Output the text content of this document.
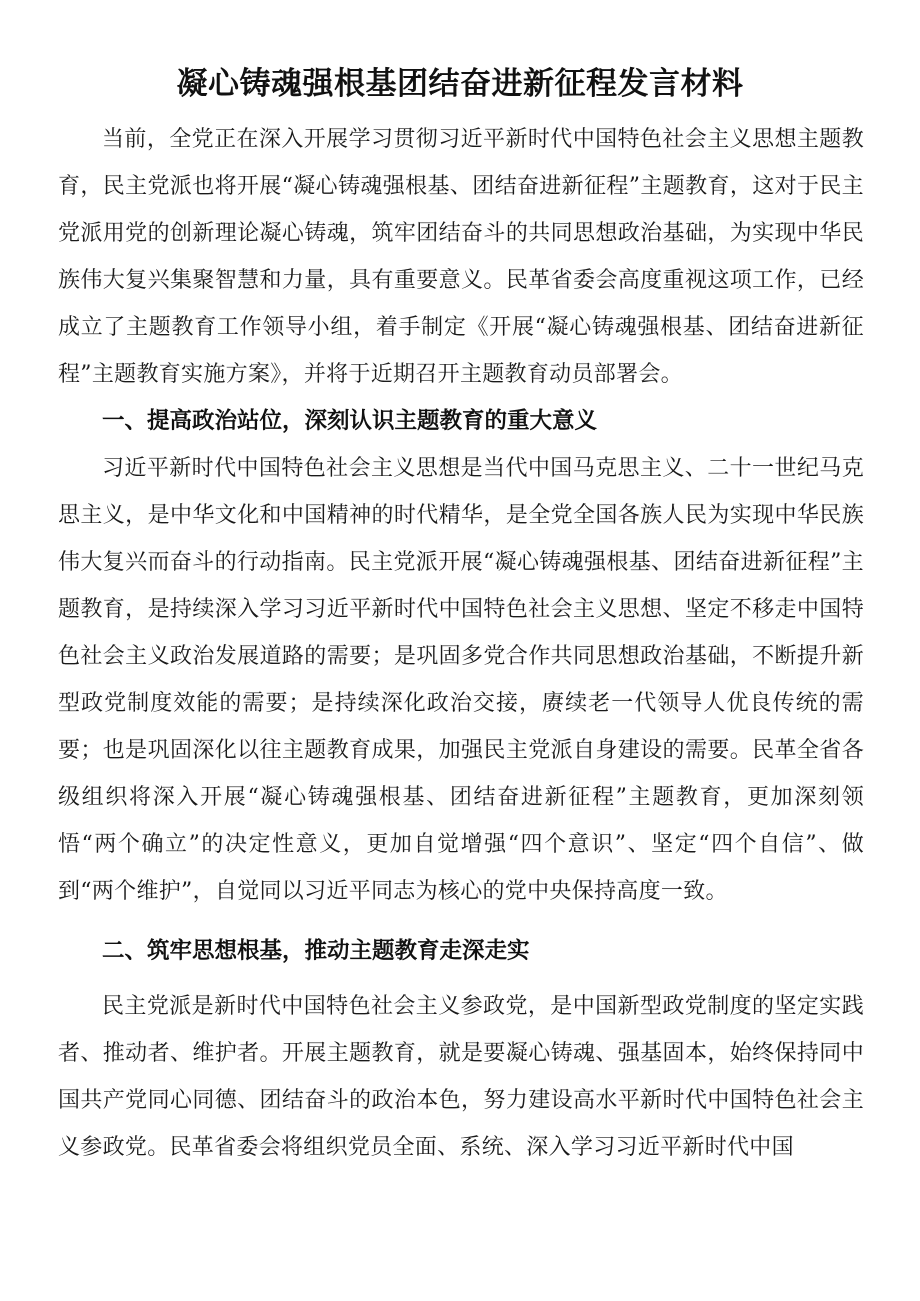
凝心铸魂强根基团结奋进新征程发言材料

当前，全党正在深入开展学习贯彻习近平新时代中国特色社会主义思想主题教育，民主党派也将开展“凝心铸魂强根基、团结奋进新征程”主题教育，这对于民主党派用党的创新理论凝心铸魂，筑牢团结奋斗的共同思想政治基础，为实现中华民族伟大复兴集聚智慧和力量，具有重要意义。民革省委会高度重视这项工作，已经成立了主题教育工作领导小组，着手制定《开展“凝心铸魂强根基、团结奋进新征程”主题教育实施方案》，并将于近期召开主题教育动员部署会。

一、提高政治站位，深刻认识主题教育的重大意义

习近平新时代中国特色社会主义思想是当代中国马克思主义、二十一世纪马克思主义，是中华文化和中国精神的时代精华，是全党全国各族人民为实现中华民族伟大复兴而奋斗的行动指南。民主党派开展“凝心铸魂强根基、团结奋进新征程”主题教育，是持续深入学习习近平新时代中国特色社会主义思想、坚定不移走中国特色社会主义政治发展道路的需要；是巩固多党合作共同思想政治基础，不断提升新型政党制度效能的需要；是持续深化政治交接，赓续老一代领导人优良传统的需要；也是巩固深化以往主题教育成果，加强民主党派自身建设的需要。民革全省各级组织将深入开展“凝心铸魂强根基、团结奋进新征程”主题教育，更加深刻领悟“两个确立”的决定性意义，更加自觉增强“四个意识”、坚定“四个自信”、做到“两个维护”，自觉同以习近平同志为核心的党中央保持高度一致。

二、筑牢思想根基，推动主题教育走深走实

民主党派是新时代中国特色社会主义参政党，是中国新型政党制度的坚定实践者、推动者、维护者。开展主题教育，就是要凝心铸魂、强基固本，始终保持同中国共产党同心同德、团结奋斗的政治本色，努力建设高水平新时代中国特色社会主义参政党。民革省委会将组织党员全面、系统、深入学习习近平新时代中国
